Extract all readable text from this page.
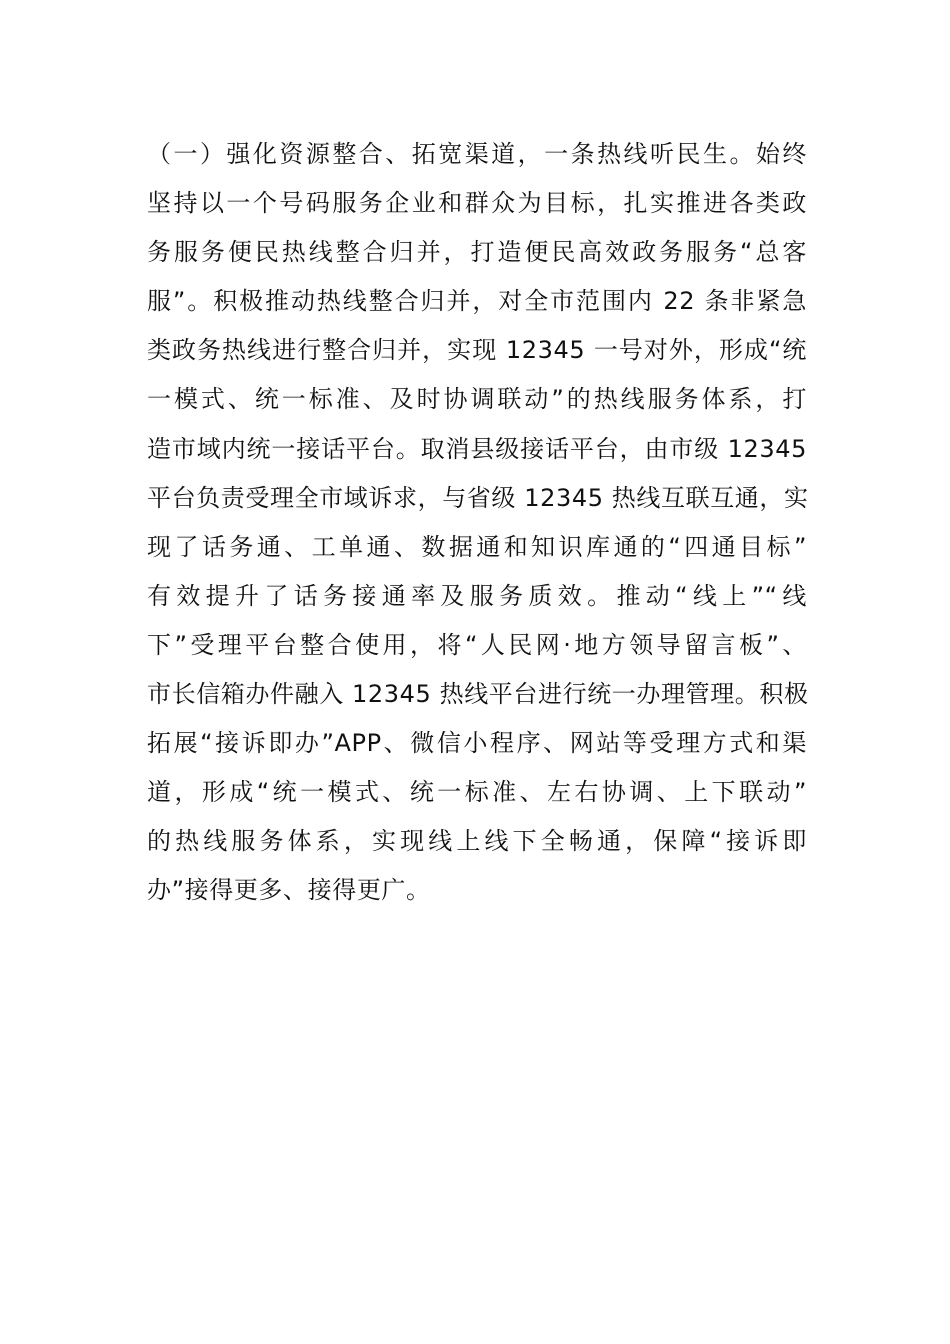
（一）强化资源整合、拓宽渠道，一条热线听民生。始终
坚持以一个号码服务企业和群众为目标，扎实推进各类政
务服务便民热线整合归并，打造便民高效政务服务“总客
服”。积极推动热线整合归并，对全市范围内 22 条非紧急
类政务热线进行整合归并，实现 12345 一号对外，形成“统
一模式、统一标准、及时协调联动”的热线服务体系，打
造市域内统一接话平台。取消县级接话平台，由市级 12345
平台负责受理全市域诉求，与省级 12345 热线互联互通，实
现了话务通、工单通、数据通和知识库通的“四通目标”
有效提升了话务接通率及服务质效。推动“线上”“线
下”受理平台整合使用，将“人民网·地方领导留言板”、
市长信箱办件融入 12345 热线平台进行统一办理管理。积极
拓展“接诉即办”APP、微信小程序、网站等受理方式和渠
道，形成“统一模式、统一标准、左右协调、上下联动”
的热线服务体系，实现线上线下全畅通，保障“接诉即
办”接得更多、接得更广。
